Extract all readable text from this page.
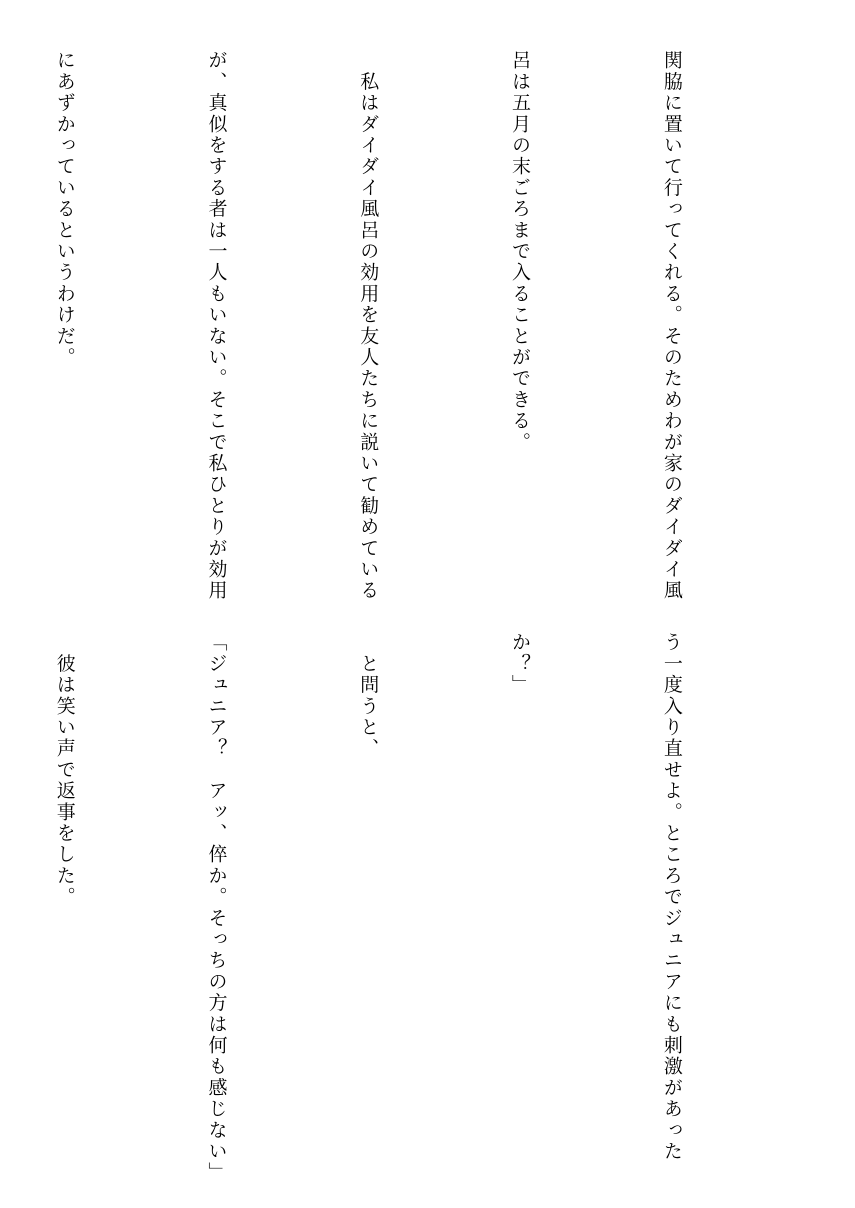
関脇に置いて行ってくれる。そのためわが家のダイダイ風

呂は五月の末ごろまで入ることができる。

　私はダイダイ風呂の効用を友人たちに説いて勧めている

が、真似をする者は一人もいない。そこで私ひとりが効用

にあずかっているというわけだ。

う一度入り直せよ。ところでジュニアにも刺激があった

か？」

　と問うと、

「ジュニア？　アッ、倅か。そっちの方は何も感じない」

　彼は笑い声で返事をした。
